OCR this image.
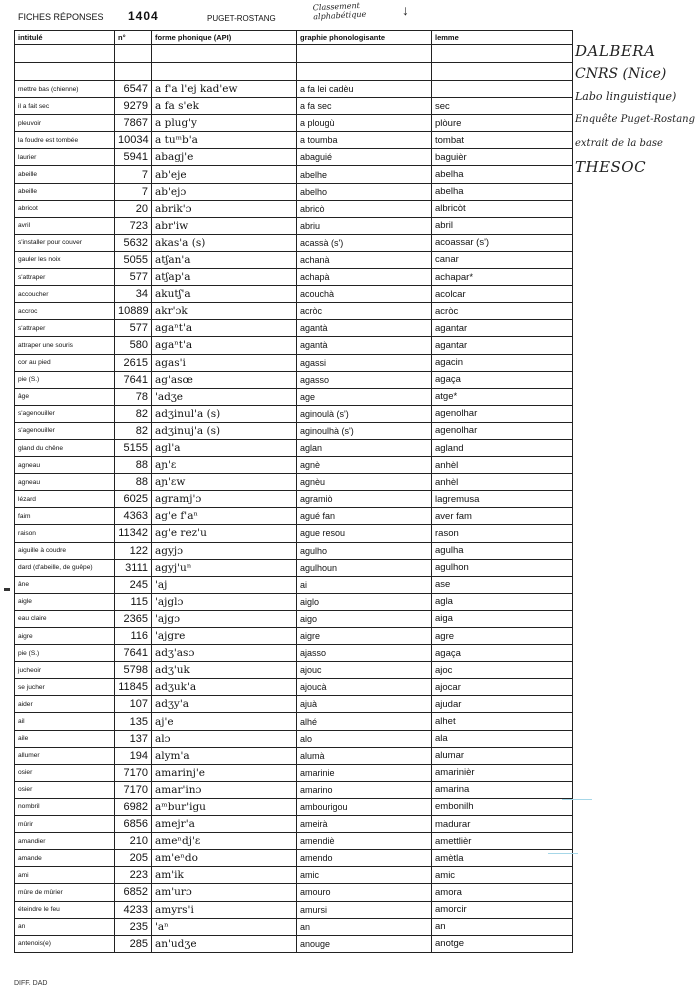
FICHES RÉPONSES 1404	PUGET-ROSTANG
Classement
alphabétique	↓
intitulé	n°	forme phonique (API)	graphie phonologisante	lemme

mettre bas (chienne)	6547	a f'a l'ej kad'ew	a fa lei cadèu	
il a fait sec	9279	a fa s'ek	a fa sec	sec
pleuvoir	7867	a plug'y	a plougù	plòure
la foudre est tombée	10034	a tuᵐb'a	a toumba	tombat
laurier	5941	abagj'e	abaguié	baguièr
abeille	7	ab'eje	abelhe	abelha
abeille	7	ab'ejɔ	abelho	abelha
abricot	20	abrik'ɔ	abricò	albricòt
avril	723	abr'iw	abriu	abril
s'installer pour couver	5632	akas'a (s)	acassà (s')	acoassar (s')
gauler les noix	5055	atʃan'a	achanà	canar
s'attraper	577	atʃap'a	achapà	achapar*
accoucher	34	akutʃ'a	acouchà	acolcar
accroc	10889	akr'ɔk	acròc	acròc
s'attraper	577	agaⁿt'a	agantà	agantar
attraper une souris	580	agaⁿt'a	agantà	agantar
cor au pied	2615	agas'i	agassi	agacin
pie (S.)	7641	ag'asœ	agasso	agaça
âge	78	'adʒe	age	atge*
s'agenouiller	82	adʒinul'a (s)	aginoulà (s')	agenolhar
s'agenouiller	82	adʒinuj'a (s)	aginoulhà (s')	agenolhar
gland du chêne	5155	agl'a	aglan	agland
agneau	88	aɲ'ɛ	agnè	anhèl
agneau	88	aɲ'ɛw	agnèu	anhèl
lézard	6025	agramj'ɔ	agramiò	lagremusa
faim	4363	ag'e f'aⁿ	agué fan	aver fam
raison	11342	ag'e rez'u	ague resou	rason
aiguille à coudre	122	agyjɔ	agulho	agulha
dard (d'abeille, de guêpe)	3111	agyj'uⁿ	agulhoun	agulhon
âne	245	'aj	ai	ase
aigle	115	'ajglɔ	aiglo	agla
eau claire	2365	'ajgɔ	aigo	aiga
aigre	116	'ajgre	aigre	agre
pie (S.)	7641	adʒ'asɔ	ajasso	agaça
jucheoir	5798	adʒ'uk	ajouc	ajoc
se jucher	11845	adʒuk'a	ajoucà	ajocar
aider	107	adʒy'a	ajuà	ajudar
ail	135	aj'e	alhé	alhet
aile	137	alɔ	alo	ala
allumer	194	alym'a	alumà	alumar
osier	7170	amarinj'e	amarinie	amarinièr
osier	7170	amar'inɔ	amarino	amarina
nombril	6982	aᵐbur'igu	ambourigou	embonilh
mûrir	6856	amejr'a	ameirà	madurar
amandier	210	ameⁿdj'ɛ	amendiè	amettlièr
amande	205	am'eⁿdo	amendo	amètla
ami	223	am'ik	amic	amic
mûre de mûrier	6852	am'urɔ	amouro	amora
éteindre le feu	4233	amyrs'i	amursi	amorcir
an	235	'aⁿ	an	an
antenois(e)	285	an'udʒe	anouge	anotge
DALBERA
CNRS (Nice)
Labo linguistique)
Enquête Puget-Rostang
extrait de la base
THESOC
DIFF. DAD
